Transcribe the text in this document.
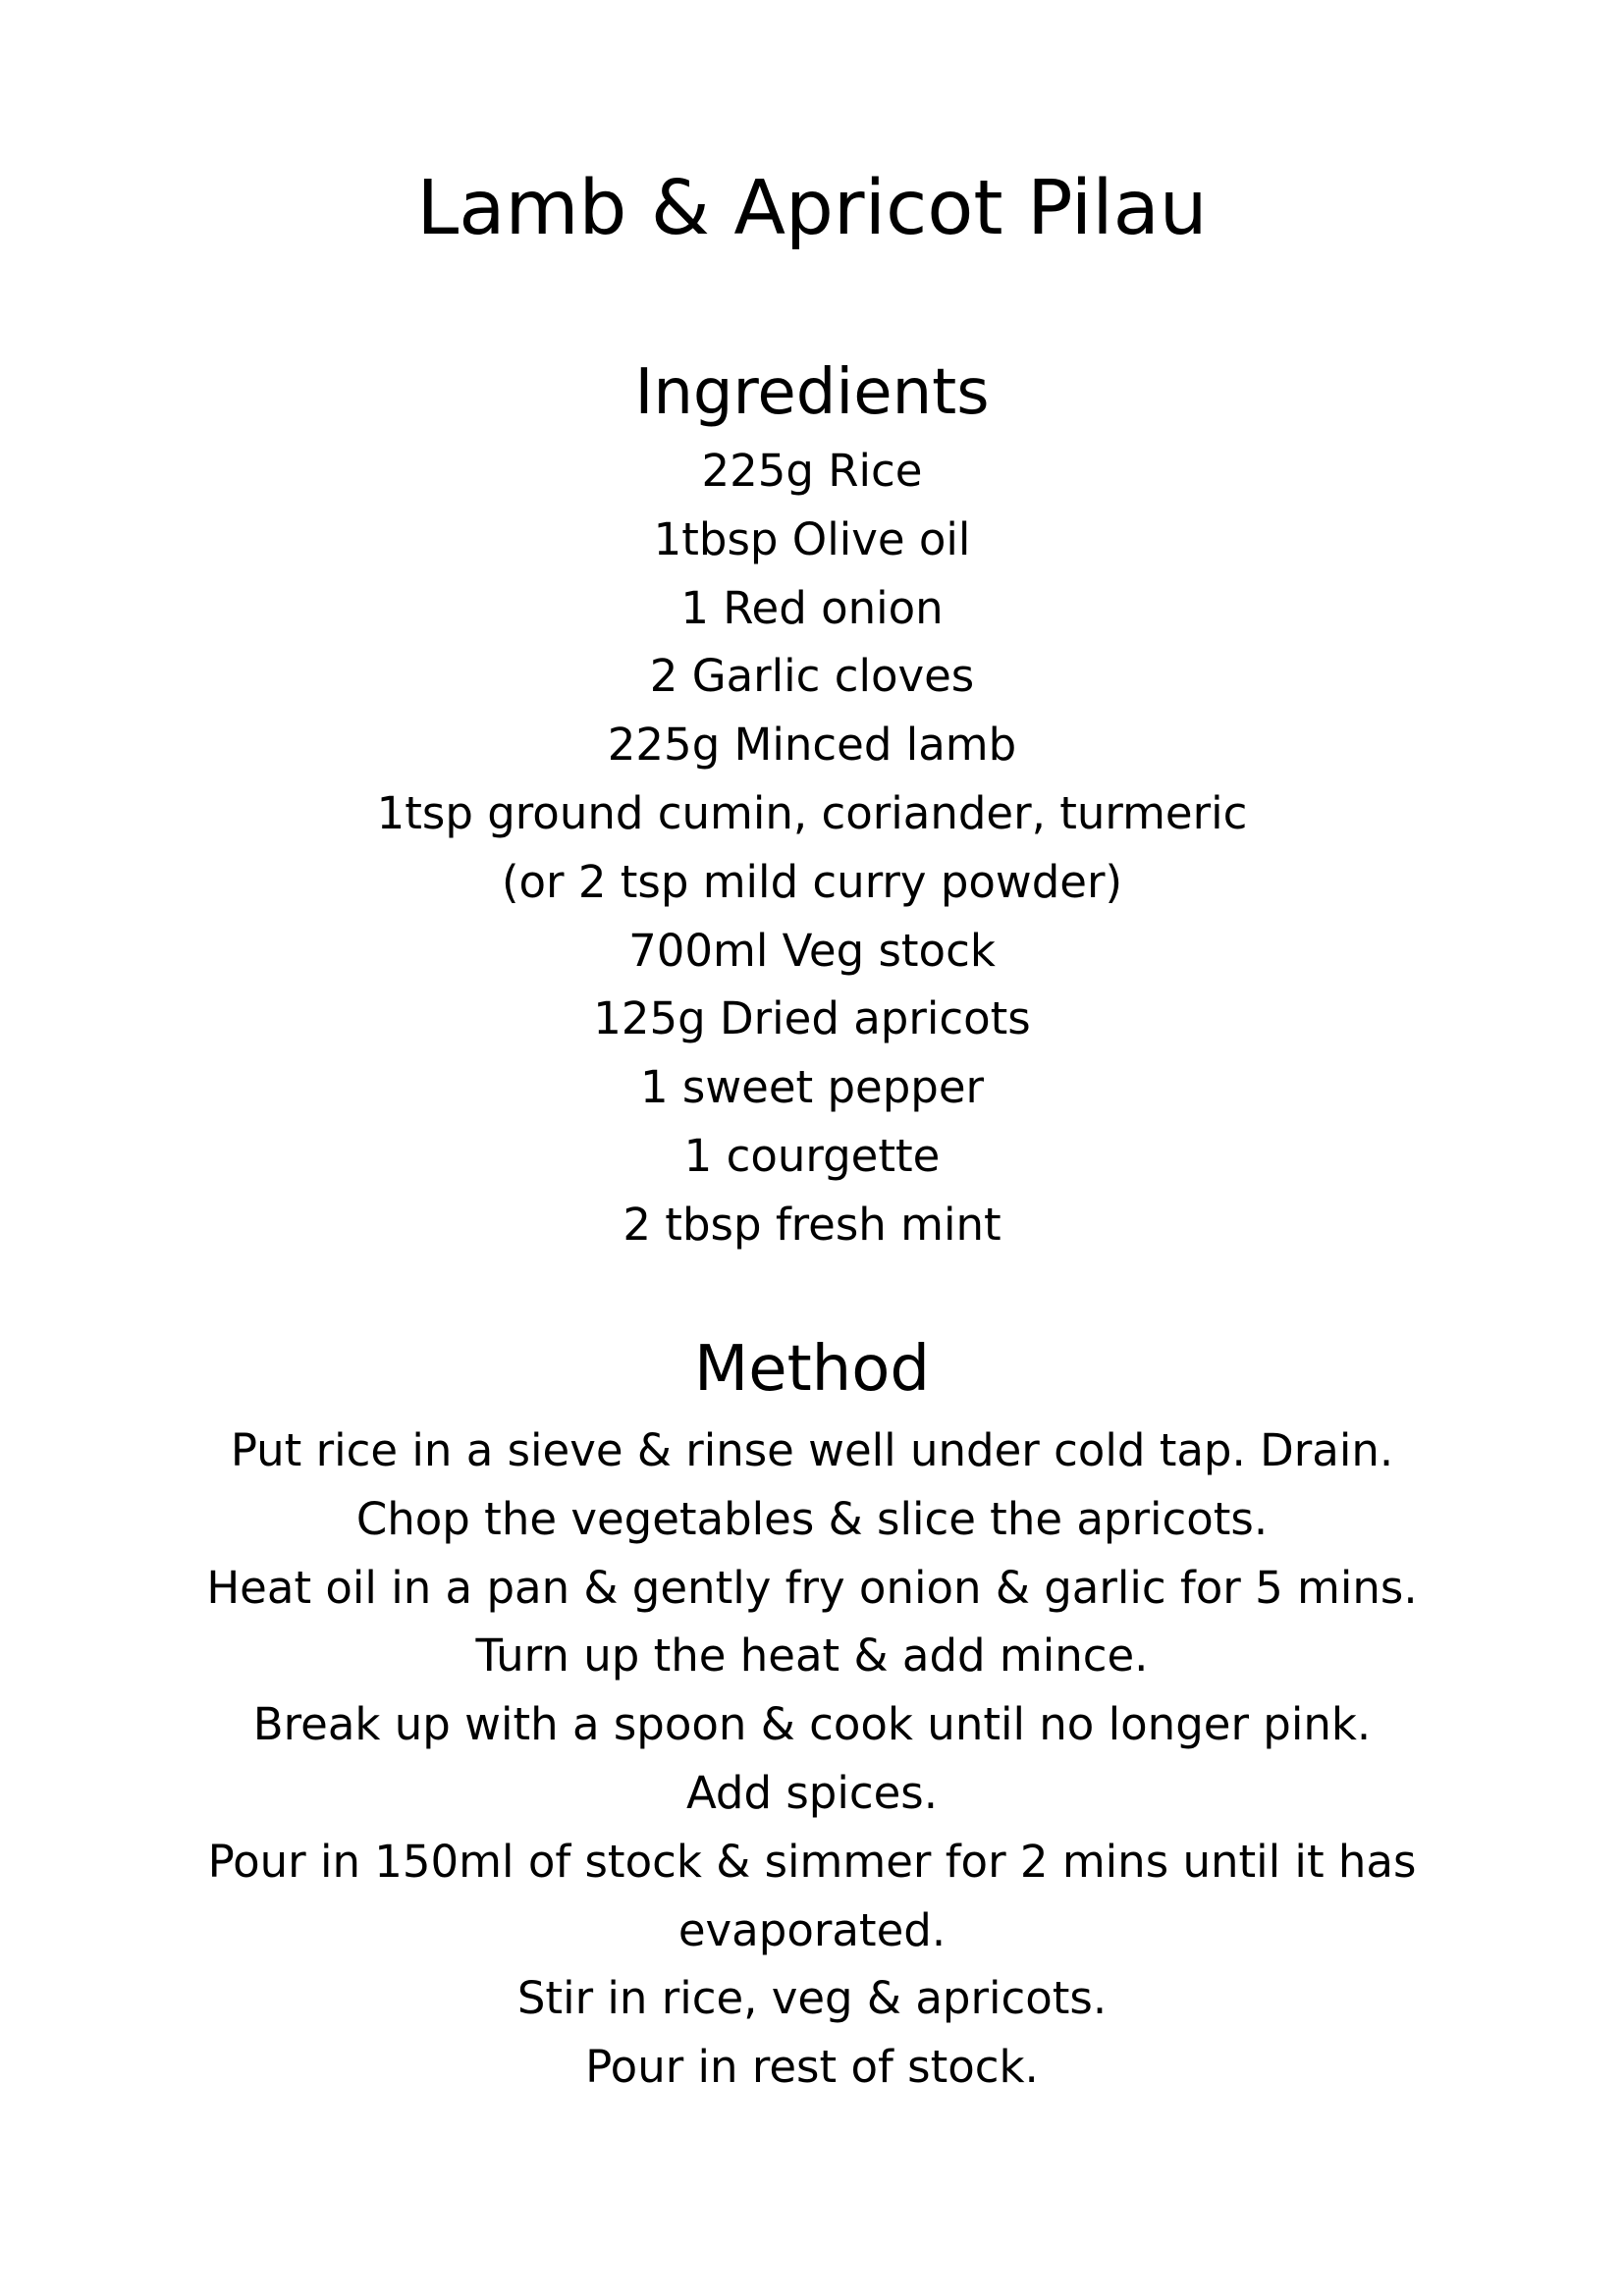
Lamb & Apricot Pilau
Ingredients
225g Rice
1tbsp Olive oil
1 Red onion
2 Garlic cloves
225g Minced lamb
1tsp ground cumin, coriander, turmeric
(or 2 tsp mild curry powder)
700ml Veg stock
125g Dried apricots
1 sweet pepper
1 courgette
2 tbsp fresh mint
Method
Put rice in a sieve & rinse well under cold tap. Drain.
Chop the vegetables & slice the apricots.
Heat oil in a pan & gently fry onion & garlic for 5 mins.
Turn up the heat & add mince.
Break up with a spoon & cook until no longer pink.
Add spices.
Pour in 150ml of stock & simmer for 2 mins until it has
evaporated.
Stir in rice, veg & apricots.
Pour in rest of stock.
